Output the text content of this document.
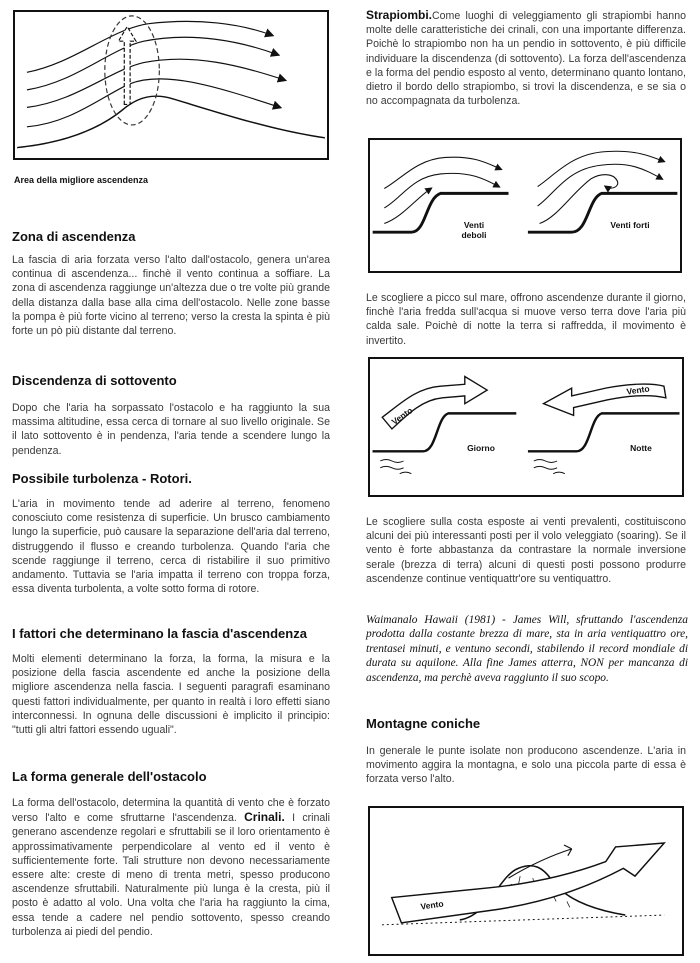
Area della migliore ascendenza
Zona di ascendenza

La fascia di aria forzata verso l'alto dall'ostacolo, genera un'area continua di ascendenza... finchè il vento continua a soffiare. La zona di ascendenza raggiunge un'altezza due o tre volte più grande della distanza dalla base alla cima dell'ostacolo. Nelle zone basse la pompa è più forte vicino al terreno; verso la cresta la spinta è più forte un pò più distante dal terreno.

Discendenza di sottovento

Dopo che l'aria ha sorpassato l'ostacolo e ha raggiunto la sua massima altitudine, essa cerca di tornare al suo livello originale. Se il lato sottovento è in pendenza, l'aria tende a scendere lungo la pendenza.

Possibile turbolenza - Rotori.

L'aria in movimento tende ad aderire al terreno, fenomeno conosciuto come resistenza di superficie. Un brusco cambiamento lungo la superficie, può causare la separazione dell'aria dal terreno, distruggendo il flusso e creando turbolenza. Quando l'aria che scende raggiunge il terreno, cerca di ristabilire il suo primitivo andamento. Tuttavia se l'aria impatta il terreno con troppa forza, essa diventa turbolenta, a volte sotto forma di rotore.

I fattori che determinano la fascia d'ascendenza

Molti elementi determinano la forza, la forma, la misura e la posizione della fascia ascendente ed anche la posizione della migliore ascendenza nella fascia. I seguenti paragrafi esaminano questi fattori individualmente, per quanto in realtà i loro effetti siano interconnessi. In ognuna delle discussioni è implicito il principio: "tutti gli altri fattori essendo uguali".

La forma generale dell'ostacolo

La forma dell'ostacolo, determina la quantità di vento che è forzato verso l'alto e come sfruttarne l'ascendenza. Crinali. I crinali generano ascendenze regolari e sfruttabili se il loro orientamento è approssimativamente perpendicolare al vento ed il vento è sufficientemente forte. Tali strutture non devono necessariamente essere alte: creste di meno di trenta metri, spesso producono ascendenze sfruttabili. Naturalmente più lunga è la cresta, più il posto è adatto al volo. Una volta che l'aria ha raggiunto la cima, essa tende a cadere nel pendio sottovento, spesso creando turbolenza ai piedi del pendio.

Strapiombi.Come luoghi di veleggiamento gli strapiombi hanno molte delle caratteristiche dei crinali, con una importante differenza. Poichè lo strapiombo non ha un pendio in sottovento, è più difficile individuare la discendenza (di sottovento). La forza dell'ascendenza e la forma del pendio esposto al vento, determinano quanto lontano, dietro il bordo dello strapiombo, si trovi la discendenza, e se sia o no accompagnata da turbolenza.

Venti deboli
Venti forti

Le scogliere a picco sul mare, offrono ascendenze durante il giorno, finchè l'aria fredda sull'acqua si muove verso terra dove l'aria più calda sale. Poichè di notte la terra si raffredda, il movimento è invertito.

Vento
Vento
Giorno	Notte

Le scogliere sulla costa esposte ai venti prevalenti, costituiscono alcuni dei più interessanti posti per il volo veleggiato (soaring). Se il vento è forte abbastanza da contrastare la normale inversione serale (brezza di terra) alcuni di questi posti possono produrre ascendenze continue ventiquattr'ore su ventiquattro.

Waimanalo Hawaii (1981) - James Will, sfruttando l'ascendenza prodotta dalla costante brezza di mare, sta in aria ventiquattro ore, trentasei minuti, e ventuno secondi, stabilendo il record mondiale di durata su aquilone. Alla fine James atterra, NON per mancanza di ascendenza, ma perchè aveva raggiunto il suo scopo.

Montagne coniche

In generale le punte isolate non producono ascendenze. L'aria in movimento aggira la montagna, e solo una piccola parte di essa è forzata verso l'alto.

Vento
